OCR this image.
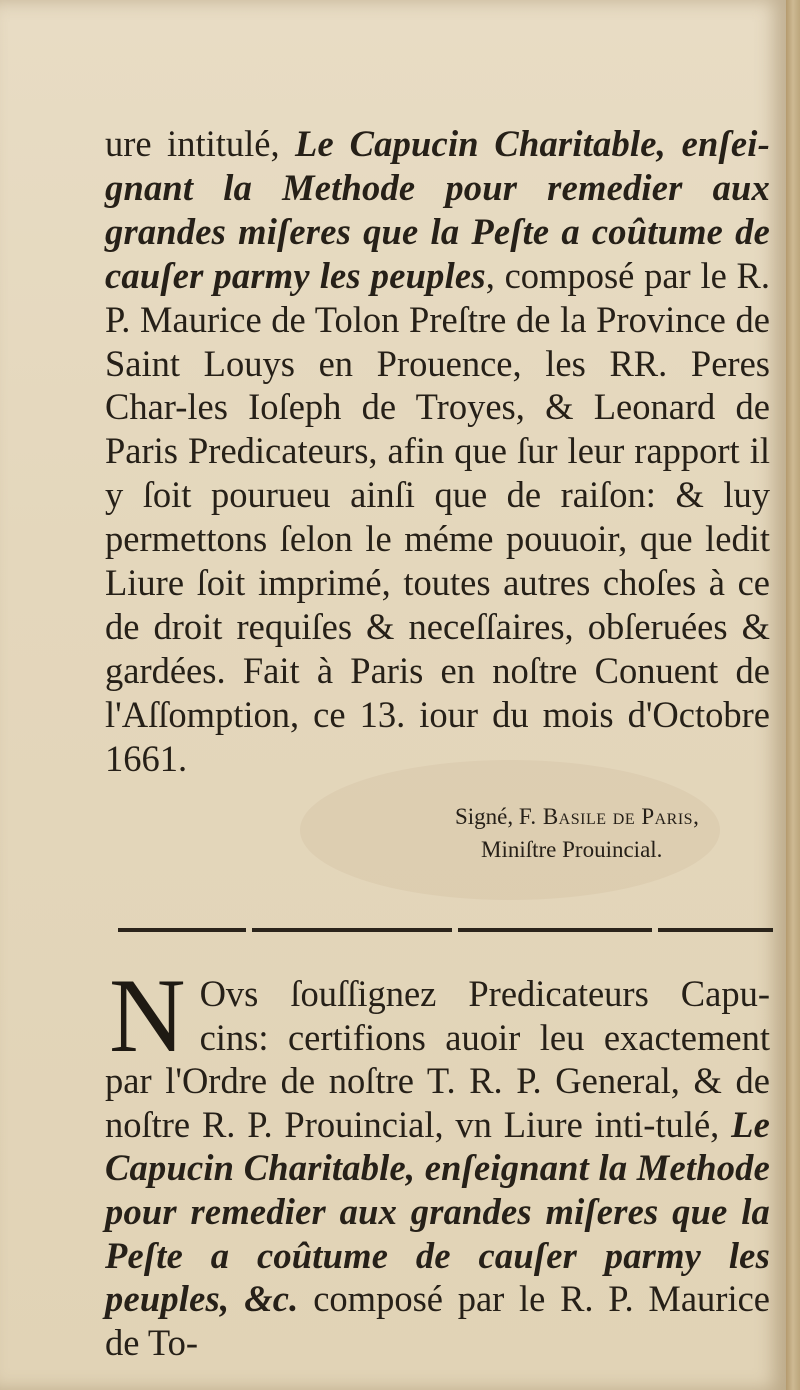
ure intitulé, Le Capucin Charitable, enſei-gnant la Methode pour remedier aux grandes miſeres que la Peſte a coûtume de cauſer parmy les peuples, composé par le R. P. Maurice de Tolon Preſtre de la Province de Saint Louys en Prouence, les RR. Peres Char-les Ioſeph de Troyes, & Leonard de Paris Predicateurs, afin que ſur leur rapport il y ſoit pourueu ainſi que de raiſon: & luy permettons ſelon le méme pouuoir, que ledit Liure ſoit imprimé, toutes autres choſes à ce de droit requiſes & neceſſaires, obſeruées & gardées. Fait à Paris en noſtre Conuent de l'Aſſomption, ce 13. iour du mois d'Octobre 1661.

Signé, F. Basile de Paris,
Miniſtre Prouincial.
N Ovs ſouſſignez Predicateurs Capu-cins: certifions auoir leu exactement par l'Ordre de noſtre T. R. P. General, & de noſtre R. P. Prouincial, vn Liure inti-tulé, Le Capucin Charitable, enſeignant la Methode pour remedier aux grandes miſeres que la Peſte a coûtume de cauſer parmy les peuples, &c. composé par le R. P. Maurice de To-
